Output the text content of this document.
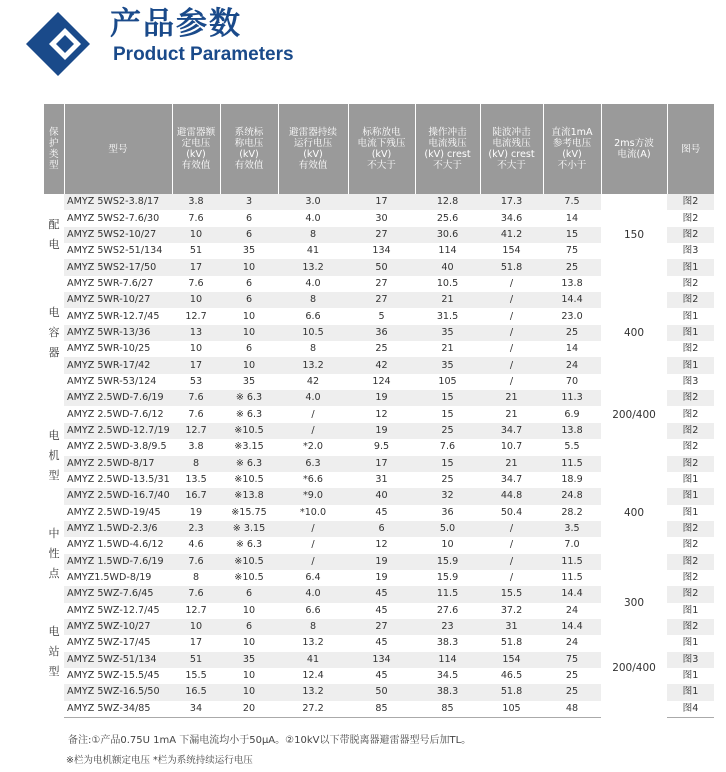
产品参数
Product Parameters
保
护
类
型	型号	避雷器额
定电压
(kV)
有效值	系统标
称电压
(kV)
有效值	避雷器持续
运行电压
(kV)
有效值	标称放电
电流下残压
(kV)
不大于	操作冲击
电流残压
(kV) crest
不大于	陡波冲击
电流残压
(kV) crest
不大于	直流1mA
参考电压
(kV)
不小于	2ms方波
电流(A)	图号
配
电	AMYZ 5WS2-3.8/17	3.8	3	3.0	17	12.8	17.3	7.5	150	图2
	AMYZ 5WS2-7.6/30	7.6	6	4.0	30	25.6	34.6	14		图2
	AMYZ 5WS2-10/27	10	6	8	27	30.6	41.2	15		图2
	AMYZ 5WS2-51/134	51	35	41	134	114	154	75		图3
	AMYZ 5WS2-17/50	17	10	13.2	50	40	51.8	25		图1
电
容
器	AMYZ 5WR-7.6/27	7.6	6	4.0	27	10.5	/	13.8	400	图2
	AMYZ 5WR-10/27	10	6	8	27	21	/	14.4		图2
	AMYZ 5WR-12.7/45	12.7	10	6.6	5	31.5	/	23.0		图1
	AMYZ 5WR-13/36	13	10	10.5	36	35	/	25		图1
	AMYZ 5WR-10/25	10	6	8	25	21	/	14		图2
	AMYZ 5WR-17/42	17	10	13.2	42	35	/	24		图1
	AMYZ 5WR-53/124	53	35	42	124	105	/	70		图3
电
机
型	AMYZ 2.5WD-7.6/19	7.6	※ 6.3	4.0	19	15	21	11.3	200/400	图2
	AMYZ 2.5WD-7.6/12	7.6	※ 6.3	/	12	15	21	6.9		图2
	AMYZ 2.5WD-12.7/19	12.7	※10.5	/	19	25	34.7	13.8		图2
	AMYZ 2.5WD-3.8/9.5	3.8	※3.15	*2.0	9.5	7.6	10.7	5.5	400	图2
	AMYZ 2.5WD-8/17	8	※ 6.3	6.3	17	15	21	11.5		图2
	AMYZ 2.5WD-13.5/31	13.5	※10.5	*6.6	31	25	34.7	18.9		图1
	AMYZ 2.5WD-16.7/40	16.7	※13.8	*9.0	40	32	44.8	24.8		图1
	AMYZ 2.5WD-19/45	19	※15.75	*10.0	45	36	50.4	28.2		图1
中
性
点	AMYZ 1.5WD-2.3/6	2.3	※ 3.15	/	6	5.0	/	3.5		图2
	AMYZ 1.5WD-4.6/12	4.6	※ 6.3	/	12	10	/	7.0		图2
	AMYZ 1.5WD-7.6/19	7.6	※10.5	/	19	15.9	/	11.5		图2
	AMYZ1.5WD-8/19	8	※10.5	6.4	19	15.9	/	11.5		图2
电
站
型	AMYZ 5WZ-7.6/45	7.6	6	4.0	45	11.5	15.5	14.4	300	图2
	AMYZ 5WZ-12.7/45	12.7	10	6.6	45	27.6	37.2	24		图1
	AMYZ 5WZ-10/27	10	6	8	27	23	31	14.4	200/400	图2
	AMYZ 5WZ-17/45	17	10	13.2	45	38.3	51.8	24		图1
	AMYZ 5WZ-51/134	51	35	41	134	114	154	75		图3
	AMYZ 5WZ-15.5/45	15.5	10	12.4	45	34.5	46.5	25		图1
	AMYZ 5WZ-16.5/50	16.5	10	13.2	50	38.3	51.8	25		图1
	AMYZ 5WZ-34/85	34	20	27.2	85	85	105	48		图4
备注:①产品0.75U 1mA 下漏电流均小于50μA。②10kV以下带脱离器避雷器型号后加TL。
※栏为电机额定电压 *栏为系统持续运行电压
